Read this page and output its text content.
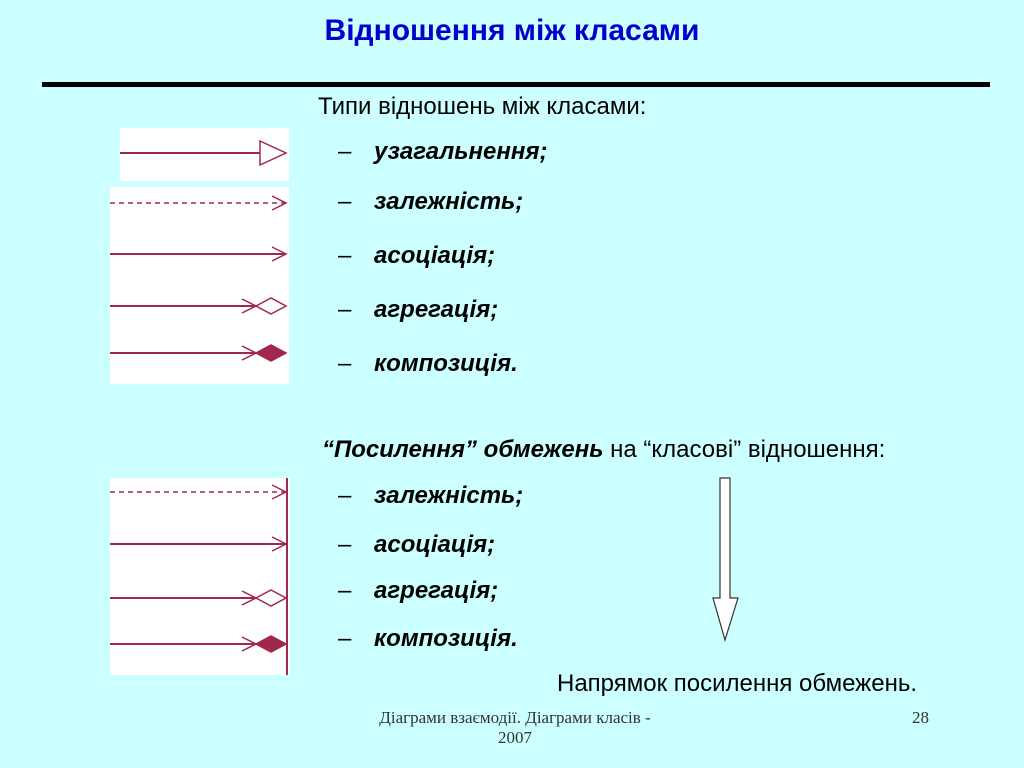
Відношення між класами
Типи відношень між класами:
– узагальнення;
– залежність;
– асоціація;
– агрегація;
– композиція.
“Посилення” обмежень на “класові” відношення:
– залежність;
– асоціація;
– агрегація;
– композиція.
Напрямок посилення обмежень.
Діаграми взаємодії. Діаграми класів - 2007
28
